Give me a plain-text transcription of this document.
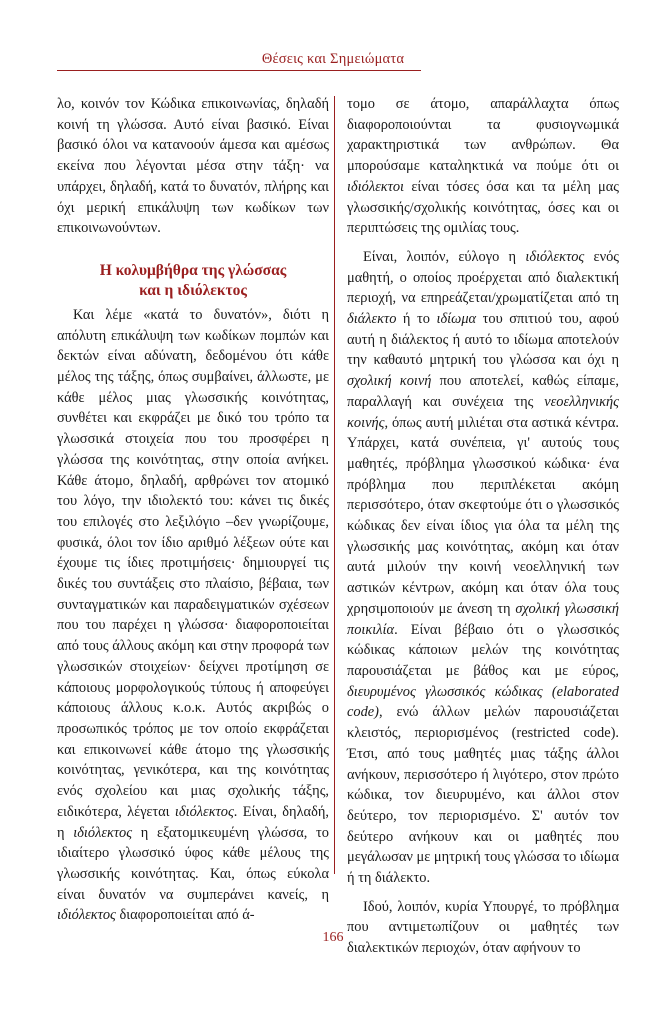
Θέσεις και Σημειώματα

λο, κοινόν τον Κώδικα επικοινωνίας, δηλαδή κοινή τη γλώσσα. Αυτό είναι βασικό. Είναι βασικό όλοι να κατανοούν άμεσα και αμέσως εκείνα που λέγονται μέσα στην τάξη· να υπάρχει, δηλαδή, κατά το δυνατόν, πλήρης και όχι μερική επικάλυψη των κωδίκων των επικοινωνούντων.

Η κολυμβήθρα της γλώσσας
και η ιδιόλεκτος

Και λέμε «κατά το δυνατόν», διότι η απόλυτη επικάλυψη των κωδίκων πομπών και δεκτών είναι αδύνατη, δεδομένου ότι κάθε μέλος της τάξης, όπως συμβαίνει, άλλωστε, με κάθε μέλος μιας γλωσσικής κοινότητας, συνθέτει και εκφράζει με δικό του τρόπο τα γλωσσικά στοιχεία που του προσφέρει η γλώσσα της κοινότητας, στην οποία ανήκει. Κάθε άτομο, δηλαδή, αρθρώνει τον ατομικό του λόγο, την ιδιολεκτό του: κάνει τις δικές του επιλογές στο λεξιλόγιο –δεν γνωρίζουμε, φυσικά, όλοι τον ίδιο αριθμό λέξεων ούτε και έχουμε τις ίδιες προτιμήσεις· δημιουργεί τις δικές του συντάξεις στο πλαίσιο, βέβαια, των συνταγματικών και παραδειγματικών σχέσεων που του παρέχει η γλώσσα· διαφοροποιείται από τους άλλους ακόμη και στην προφορά των γλωσσικών στοιχείων· δείχνει προτίμηση σε κάποιους μορφολογικούς τύπους ή αποφεύγει κάποιους άλλους κ.ο.κ. Αυτός ακριβώς ο προσωπικός τρόπος με τον οποίο εκφράζεται και επικοινωνεί κάθε άτομο της γλωσσικής κοινότητας, γενικότερα, και της κοινότητας ενός σχολείου και μιας σχολικής τάξης, ειδικότερα, λέγεται ιδιόλεκτος. Είναι, δηλαδή, η ιδιόλεκτος η εξατομικευμένη γλώσσα, το ιδιαίτερο γλωσσικό ύφος κάθε μέλους της γλωσσικής κοινότητας. Και, όπως εύκολα είναι δυνατόν να συμπεράνει κανείς, η ιδιόλεκτος διαφοροποιείται από ά-

τομο σε άτομο, απαράλλαχτα όπως διαφοροποιούνται τα φυσιογνωμικά χαρακτηριστικά των ανθρώπων. Θα μπορούσαμε καταληκτικά να πούμε ότι οι ιδιόλεκτοι είναι τόσες όσα και τα μέλη μας γλωσσικής/σχολικής κοινότητας, όσες και οι περιπτώσεις της ομιλίας τους.

Είναι, λοιπόν, εύλογο η ιδιόλεκτος ενός μαθητή, ο οποίος προέρχεται από διαλεκτική περιοχή, να επηρεάζεται/χρωματίζεται από τη διάλεκτο ή το ιδίωμα του σπιτιού του, αφού αυτή η διάλεκτος ή αυτό το ιδίωμα αποτελούν την καθαυτό μητρική του γλώσσα και όχι η σχολική κοινή που αποτελεί, καθώς είπαμε, παραλλαγή και συνέχεια της νεοελληνικής κοινής, όπως αυτή μιλιέται στα αστικά κέντρα. Υπάρχει, κατά συνέπεια, γι' αυτούς τους μαθητές, πρόβλημα γλωσσικού κώδικα· ένα πρόβλημα που περιπλέκεται ακόμη περισσότερο, όταν σκεφτούμε ότι ο γλωσσικός κώδικας δεν είναι ίδιος για όλα τα μέλη της γλωσσικής μας κοινότητας, ακόμη και όταν αυτά μιλούν την κοινή νεοελληνική των αστικών κέντρων, ακόμη και όταν όλα τους χρησιμοποιούν με άνεση τη σχολική γλωσσική ποικιλία. Είναι βέβαιο ότι ο γλωσσικός κώδικας κάποιων μελών της κοινότητας παρουσιάζεται με βάθος και με εύρος, διευρυμένος γλωσσικός κώδικας (elaborated code), ενώ άλλων μελών παρουσιάζεται κλειστός, περιορισμένος (restricted code). Έτσι, από τους μαθητές μιας τάξης άλλοι ανήκουν, περισσότερο ή λιγότερο, στον πρώτο κώδικα, τον διευρυμένο, και άλλοι στον δεύτερο, τον περιορισμένο. Σ' αυτόν τον δεύτερο ανήκουν και οι μαθητές που μεγάλωσαν με μητρική τους γλώσσα το ιδίωμα ή τη διάλεκτο.

Ιδού, λοιπόν, κυρία Υπουργέ, το πρόβλημα που αντιμετωπίζουν οι μαθητές των διαλεκτικών περιοχών, όταν αφήνουν το

166
